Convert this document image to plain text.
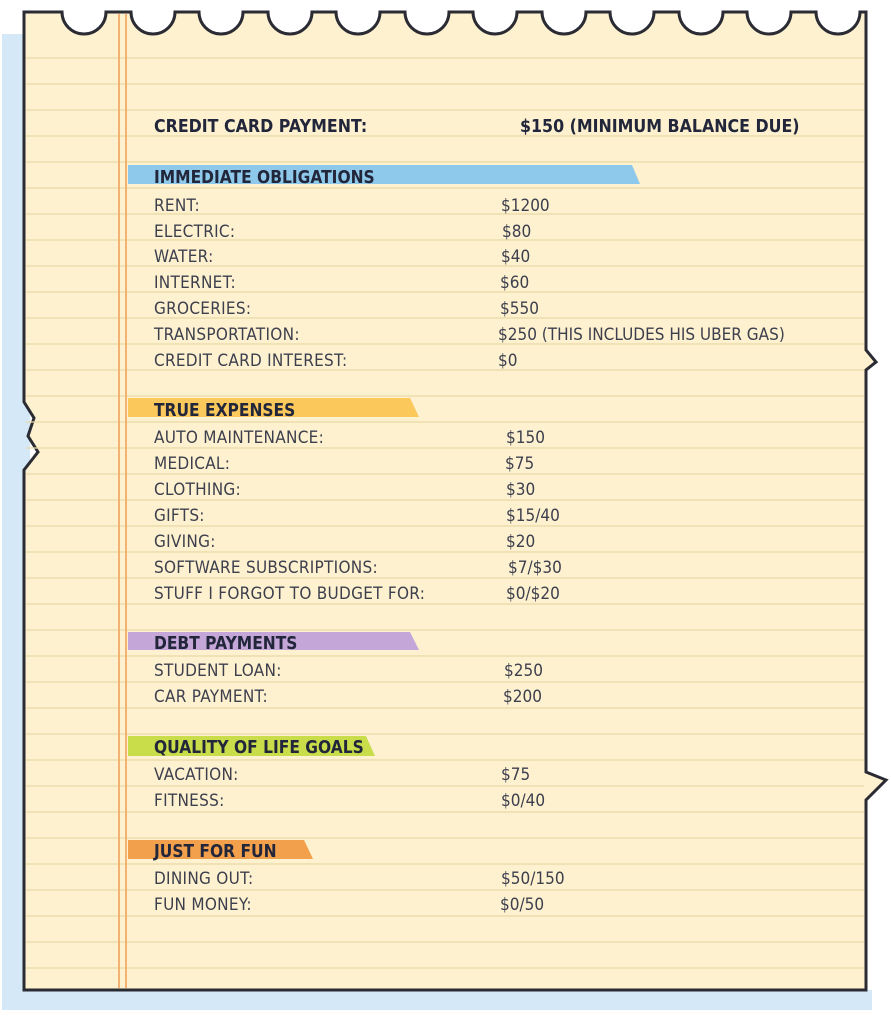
CREDIT CARD PAYMENT:	$150 (MINIMUM BALANCE DUE)
IMMEDIATE OBLIGATIONS
RENT:	$1200
ELECTRIC:	$80
WATER:	$40
INTERNET:	$60
GROCERIES:	$550
TRANSPORTATION:	$250 (THIS INCLUDES HIS UBER GAS)
CREDIT CARD INTEREST:	$0
TRUE EXPENSES
AUTO MAINTENANCE:	$150
MEDICAL:	$75
CLOTHING:	$30
GIFTS:	$15/40
GIVING:	$20
SOFTWARE SUBSCRIPTIONS:	$7/$30
STUFF I FORGOT TO BUDGET FOR:	$0/$20
DEBT PAYMENTS
STUDENT LOAN:	$250
CAR PAYMENT:	$200
QUALITY OF LIFE GOALS
VACATION:	$75
FITNESS:	$0/40
JUST FOR FUN
DINING OUT:	$50/150
FUN MONEY:	$0/50
